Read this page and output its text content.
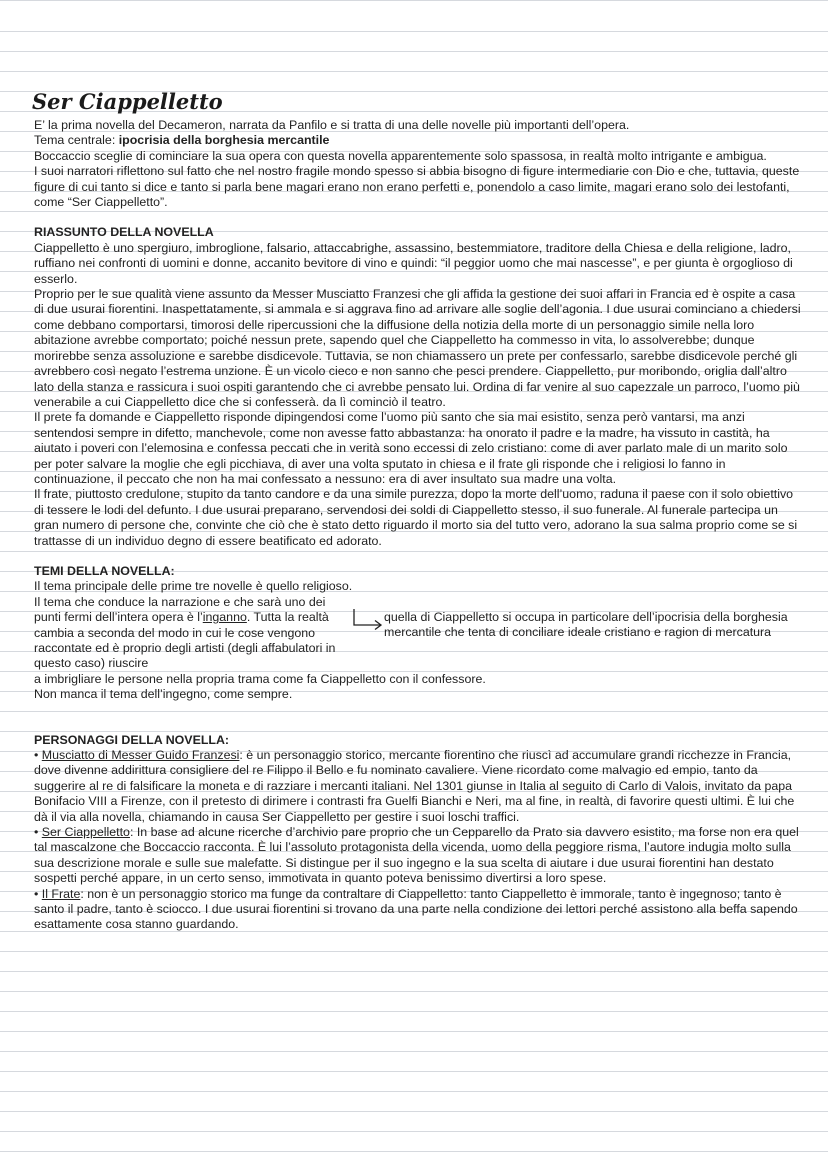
Ser Ciappelletto

E’ la prima novella del Decameron, narrata da Panfilo e si tratta di una delle novelle più importanti dell’opera.

Tema centrale: ipocrisia della borghesia mercantile

Boccaccio sceglie di cominciare la sua opera con questa novella apparentemente solo spassosa, in realtà molto intrigante e ambigua.

I suoi narratori riflettono sul fatto che nel nostro fragile mondo spesso si abbia bisogno di figure intermediarie con Dio e che, tuttavia, queste figure di cui tanto si dice e tanto si parla bene magari erano non erano perfetti e, ponendolo a caso limite, magari erano solo dei lestofanti, come “Ser Ciappelletto”.

RIASSUNTO DELLA NOVELLA

Ciappelletto è uno spergiuro, imbroglione, falsario, attaccabrighe, assassino, bestemmiatore, traditore della Chiesa e della religione, ladro, ruffiano nei confronti di uomini e donne, accanito bevitore di vino e quindi: “il peggior uomo che mai nascesse”, e per giunta è orgoglioso di esserlo.

Proprio per le sue qualità viene assunto da Messer Musciatto Franzesi che gli affida la gestione dei suoi affari in Francia ed è ospite a casa di due usurai fiorentini. Inaspettatamente, si ammala e si aggrava fino ad arrivare alle soglie dell’agonia. I due usurai cominciano a chiedersi come debbano comportarsi, timorosi delle ripercussioni che la diffusione della notizia della morte di un personaggio simile nella loro abitazione avrebbe comportato; poiché nessun prete, sapendo quel che Ciappelletto ha commesso in vita, lo assolverebbe; dunque morirebbe senza assoluzione e sarebbe disdicevole. Tuttavia, se non chiamassero un prete per confessarlo, sarebbe disdicevole perché gli avrebbero così negato l’estrema unzione. È un vicolo cieco e non sanno che pesci prendere. Ciappelletto, pur moribondo, origlia dall’altro lato della stanza e rassicura i suoi ospiti garantendo che ci avrebbe pensato lui. Ordina di far venire al suo capezzale un parroco, l’uomo più venerabile a cui Ciappelletto dice che si confesserà. da lì cominciò il teatro.

Il prete fa domande e Ciappelletto risponde dipingendosi come l’uomo più santo che sia mai esistito, senza però vantarsi, ma anzi sentendosi sempre in difetto, manchevole, come non avesse fatto abbastanza: ha onorato il padre e la madre, ha vissuto in castità, ha aiutato i poveri con l’elemosina e confessa peccati che in verità sono eccessi di zelo cristiano: come di aver parlato male di un marito solo per poter salvare la moglie che egli picchiava, di aver una volta sputato in chiesa e il frate gli risponde che i religiosi lo fanno in continuazione, il peccato che non ha mai confessato a nessuno: era di aver insultato sua madre una volta.

Il frate, piuttosto credulone, stupito da tanto candore e da una simile purezza, dopo la morte dell’uomo, raduna il paese con il solo obiettivo di tessere le lodi del defunto. I due usurai preparano, servendosi dei soldi di Ciappelletto stesso, il suo funerale. Al funerale partecipa un gran numero di persone che, convinte che ciò che è stato detto riguardo il morto sia del tutto vero, adorano la sua salma proprio come se si trattasse di un individuo degno di essere beatificato ed adorato.

TEMI DELLA NOVELLA:

Il tema principale delle prime tre novelle è quello religioso.

Il tema che conduce la narrazione e che sarà uno dei punti fermi dell’intera opera è l’inganno. Tutta la realtà cambia a seconda del modo in cui le cose vengono raccontate ed è proprio degli artisti (degli affabulatori in questo caso) riuscire
quella di Ciappelletto si occupa in particolare dell’ipocrisia della borghesia mercantile che tenta di conciliare ideale cristiano e ragion di mercatura

a imbrigliare le persone nella propria trama come fa Ciappelletto con il confessore.

Non manca il tema dell’ingegno, come sempre.

PERSONAGGI DELLA NOVELLA:

• Musciatto di Messer Guido Franzesi: è un personaggio storico, mercante fiorentino che riuscì ad accumulare grandi ricchezze in Francia, dove divenne addirittura consigliere del re Filippo il Bello e fu nominato cavaliere. Viene ricordato come malvagio ed empio, tanto da suggerire al re di falsificare la moneta e di razziare i mercanti italiani. Nel 1301 giunse in Italia al seguito di Carlo di Valois, invitato da papa Bonifacio VIII a Firenze, con il pretesto di dirimere i contrasti fra Guelfi Bianchi e Neri, ma al fine, in realtà, di favorire questi ultimi. È lui che dà il via alla novella, chiamando in causa Ser Ciappelletto per gestire i suoi loschi traffici.

• Ser Ciappelletto: In base ad alcune ricerche d’archivio pare proprio che un Cepparello da Prato sia davvero esistito, ma forse non era quel tal mascalzone che Boccaccio racconta. È lui l’assoluto protagonista della vicenda, uomo della peggiore risma, l’autore indugia molto sulla sua descrizione morale e sulle sue malefatte. Si distingue per il suo ingegno e la sua scelta di aiutare i due usurai fiorentini han destato sospetti perché appare, in un certo senso, immotivata in quanto poteva benissimo divertirsi a loro spese.

• Il Frate: non è un personaggio storico ma funge da contraltare di Ciappelletto: tanto Ciappelletto è immorale, tanto è ingegnoso; tanto è santo il padre, tanto è sciocco. I due usurai fiorentini si trovano da una parte nella condizione dei lettori perché assistono alla beffa sapendo esattamente cosa stanno guardando.
